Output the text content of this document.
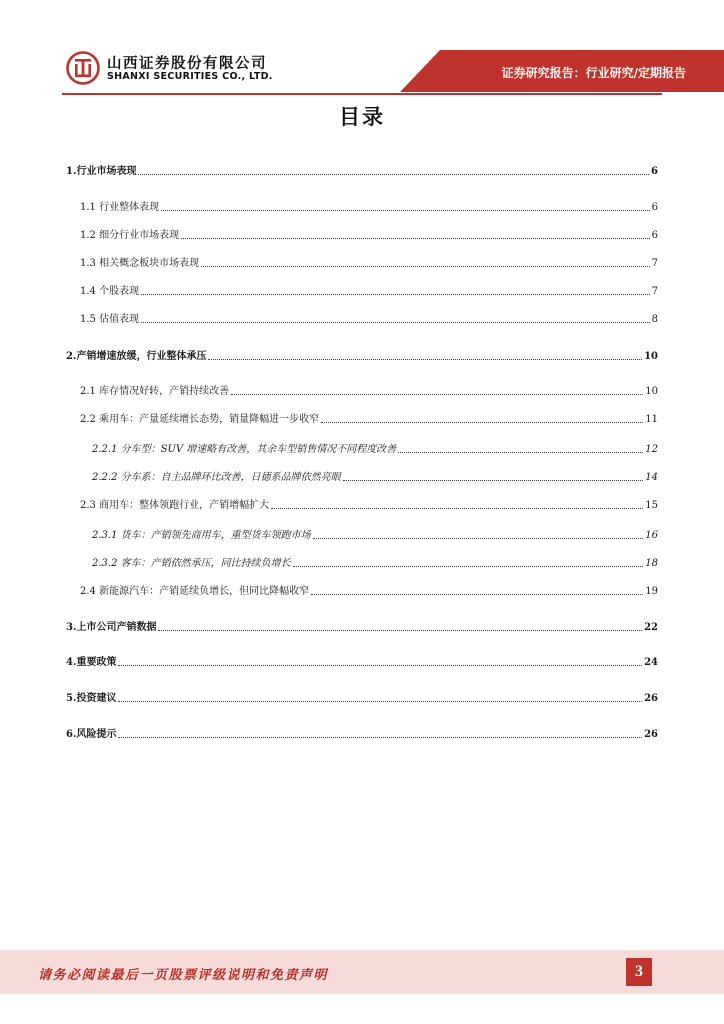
山西证券股份有限公司
SHANXI SECURITIES CO., LTD.	证券研究报告：行业研究/定期报告
目录
1.行业市场表现	6
1.1 行业整体表现	6
1.2 细分行业市场表现	6
1.3 相关概念板块市场表现	7
1.4 个股表现	7
1.5 估值表现	8
2.产销增速放缓，行业整体承压	10
2.1 库存情况好转，产销持续改善	10
2.2 乘用车：产量延续增长态势，销量降幅进一步收窄	11
2.2.1 分车型：SUV 增速略有改善，其余车型销售情况不同程度改善	12
2.2.2 分车系：自主品牌环比改善，日德系品牌依然亮眼	14
2.3 商用车：整体领跑行业，产销增幅扩大	15
2.3.1 货车：产销领先商用车，重型货车领跑市场	16
2.3.2 客车：产销依然承压，同比持续负增长	18
2.4 新能源汽车：产销延续负增长，但同比降幅收窄	19
3.上市公司产销数据	22
4.重要政策	24
5.投资建议	26
6.风险提示	26
请务必阅读最后一页股票评级说明和免责声明	3
